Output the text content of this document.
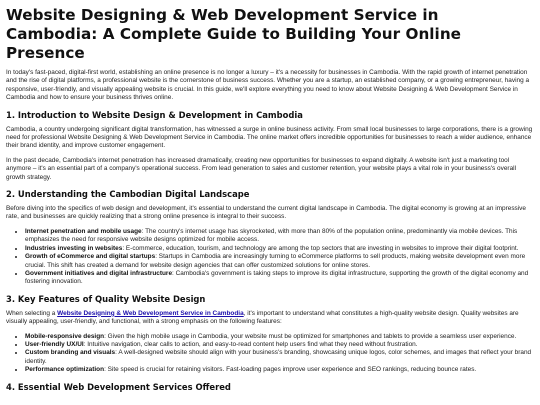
Website Designing & Web Development Service in Cambodia: A Complete Guide to Building Your Online Presence

In today's fast-paced, digital-first world, establishing an online presence is no longer a luxury – it's a necessity for businesses in Cambodia. With the rapid growth of internet penetration and the rise of digital platforms, a professional website is the cornerstone of business success. Whether you are a startup, an established company, or a growing entrepreneur, having a responsive, user-friendly, and visually appealing website is crucial. In this guide, we'll explore everything you need to know about Website Designing & Web Development Service in Cambodia and how to ensure your business thrives online.

1. Introduction to Website Design & Development in Cambodia

Cambodia, a country undergoing significant digital transformation, has witnessed a surge in online business activity. From small local businesses to large corporations, there is a growing need for professional Website Designing & Web Development Service in Cambodia. The online market offers incredible opportunities for businesses to reach a wider audience, enhance their brand identity, and improve customer engagement.

In the past decade, Cambodia's internet penetration has increased dramatically, creating new opportunities for businesses to expand digitally. A website isn't just a marketing tool anymore – it's an essential part of a company's operational success. From lead generation to sales and customer retention, your website plays a vital role in your business's overall growth strategy.

2. Understanding the Cambodian Digital Landscape

Before diving into the specifics of web design and development, it's essential to understand the current digital landscape in Cambodia. The digital economy is growing at an impressive rate, and businesses are quickly realizing that a strong online presence is integral to their success.

• Internet penetration and mobile usage: The country's internet usage has skyrocketed, with more than 80% of the population online, predominantly via mobile devices. This emphasizes the need for responsive website designs optimized for mobile access.
• Industries investing in websites: E-commerce, education, tourism, and technology are among the top sectors that are investing in websites to improve their digital footprint.
• Growth of eCommerce and digital startups: Startups in Cambodia are increasingly turning to eCommerce platforms to sell products, making website development even more crucial. This shift has created a demand for website design agencies that can offer customized solutions for online stores.
• Government initiatives and digital infrastructure: Cambodia's government is taking steps to improve its digital infrastructure, supporting the growth of the digital economy and fostering innovation.
3. Key Features of Quality Website Design

When selecting a Website Designing & Web Development Service in Cambodia, it's important to understand what constitutes a high-quality website design. Quality websites are visually appealing, user-friendly, and functional, with a strong emphasis on the following features:

• Mobile-responsive design: Given the high mobile usage in Cambodia, your website must be optimized for smartphones and tablets to provide a seamless user experience.
• User-friendly UX/UI: Intuitive navigation, clear calls to action, and easy-to-read content help users find what they need without frustration.
• Custom branding and visuals: A well-designed website should align with your business's branding, showcasing unique logos, color schemes, and images that reflect your brand identity.
• Performance optimization: Site speed is crucial for retaining visitors. Fast-loading pages improve user experience and SEO rankings, reducing bounce rates.
4. Essential Web Development Services Offered
